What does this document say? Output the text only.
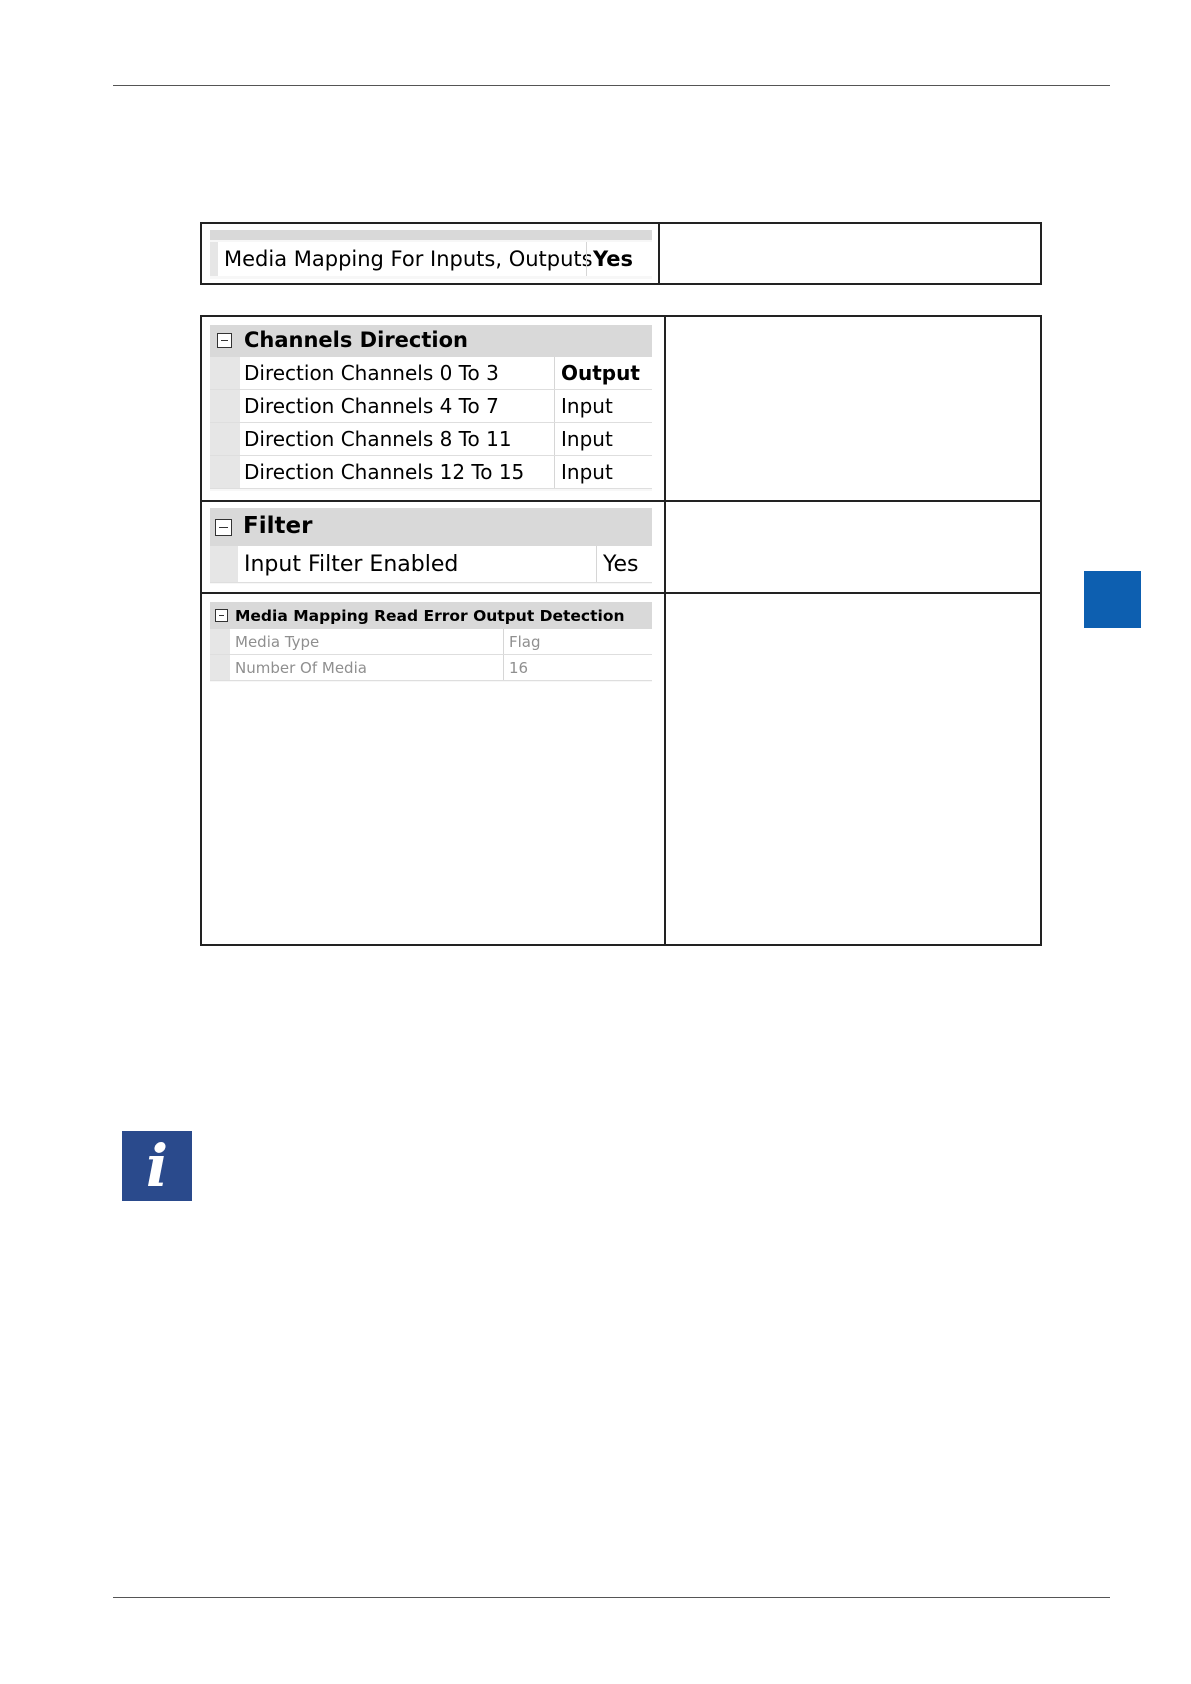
Media Mapping For Inputs, Outputs Yes
Channels Direction
Direction Channels 0 To 3	Output
Direction Channels 4 To 7	Input
Direction Channels 8 To 11	Input
Direction Channels 12 To 15	Input
Filter
Input Filter Enabled	Yes
Media Mapping Read Error Output Detection
Media Type	Flag
Number Of Media	16
i
